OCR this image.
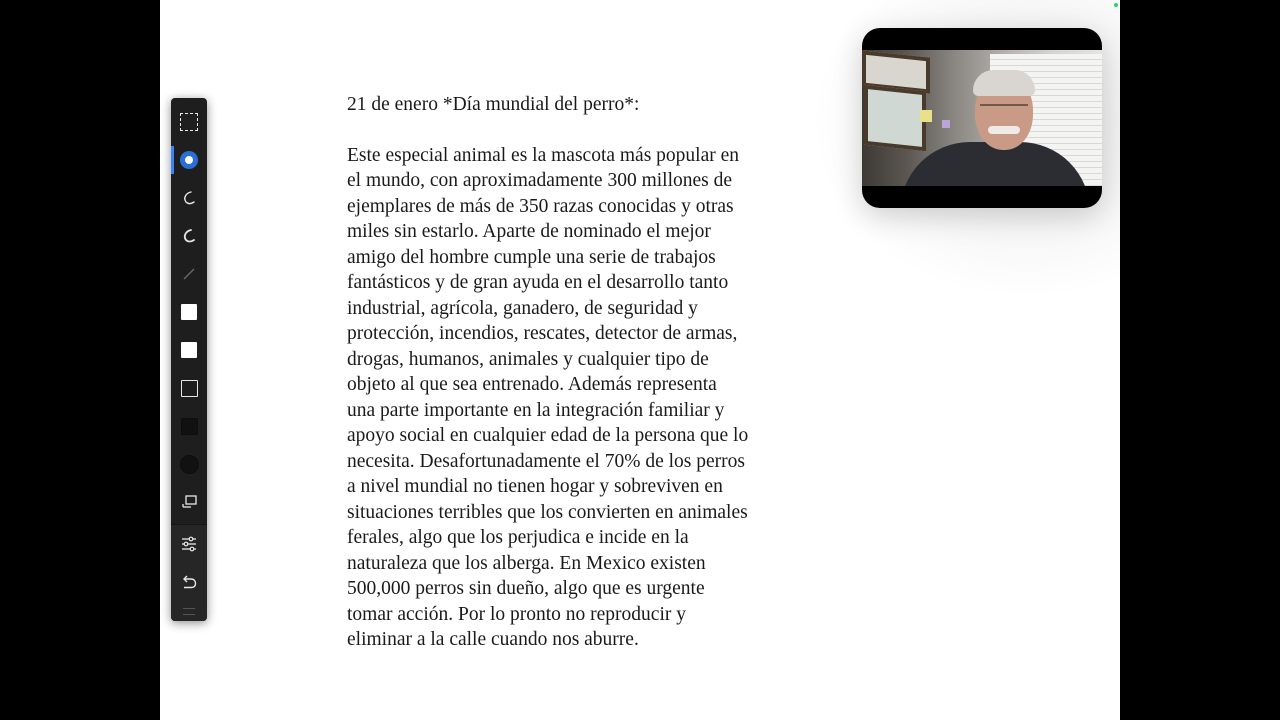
21 de enero *Día mundial del perro*:

Este especial animal es la mascota más popular en
el mundo, con aproximadamente 300 millones de
ejemplares de más de 350 razas conocidas y otras
miles sin estarlo. Aparte de nominado el mejor
amigo del hombre cumple una serie de trabajos
fantásticos y de gran ayuda en el desarrollo tanto
industrial, agrícola, ganadero, de seguridad y
protección, incendios, rescates, detector de armas,
drogas, humanos, animales y cualquier tipo de
objeto al que sea entrenado. Además representa
una parte importante en la integración familiar y
apoyo social en cualquier edad de la persona que lo
necesita. Desafortunadamente el 70% de los perros
a nivel mundial no tienen hogar y sobreviven en
situaciones terribles que los convierten en animales
ferales, algo que los perjudica e incide en la
naturaleza que los alberga. En Mexico existen
500,000 perros sin dueño, algo que es urgente
tomar acción. Por lo pronto no reproducir y
eliminar a la calle cuando nos aburre.
